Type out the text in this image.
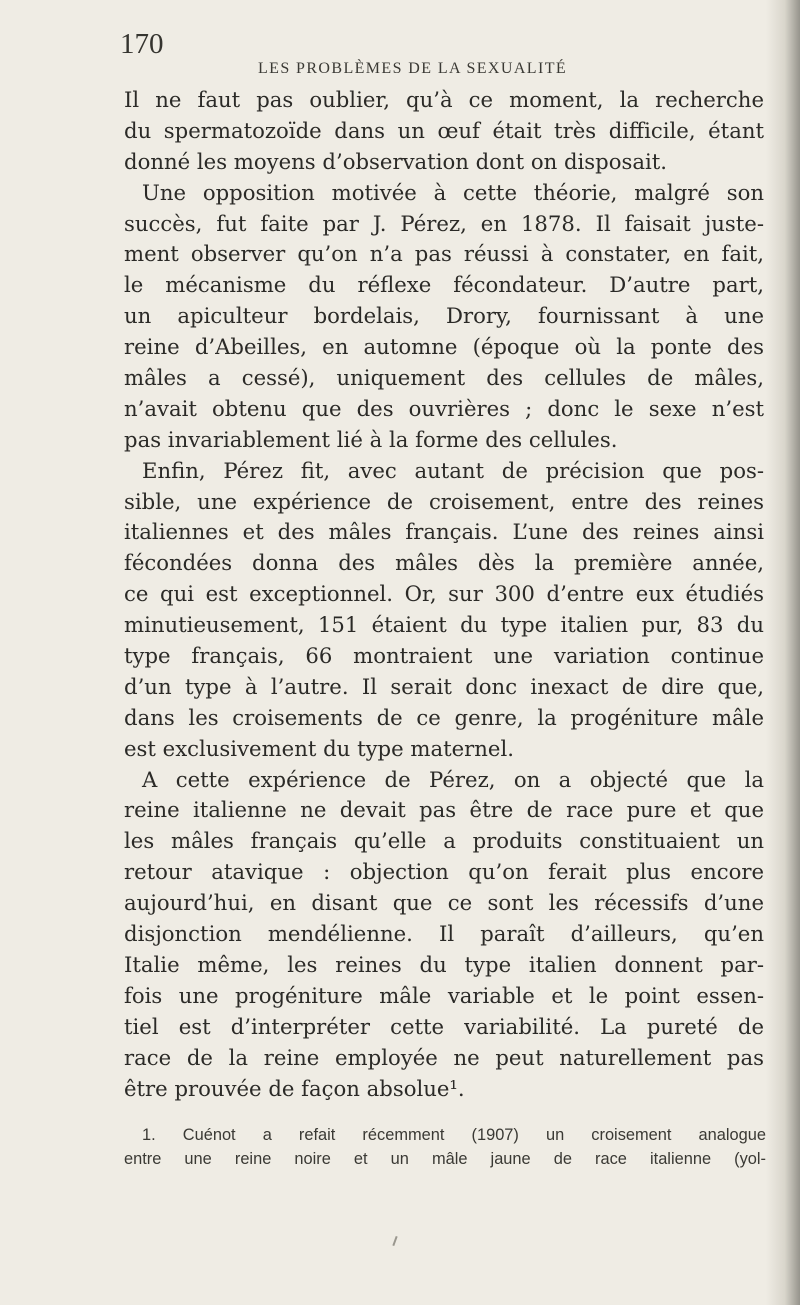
170
LES PROBLÈMES DE LA SEXUALITÉ
Il ne faut pas oublier, qu’à ce moment, la recherche
du spermatozoïde dans un œuf était très difficile, étant
donné les moyens d’observation dont on disposait.
Une opposition motivée à cette théorie, malgré son
succès, fut faite par J. Pérez, en 1878. Il faisait juste-
ment observer qu’on n’a pas réussi à constater, en fait,
le mécanisme du réflexe fécondateur. D’autre part,
un apiculteur bordelais, Drory, fournissant à une
reine d’Abeilles, en automne (époque où la ponte des
mâles a cessé), uniquement des cellules de mâles,
n’avait obtenu que des ouvrières ; donc le sexe n’est
pas invariablement lié à la forme des cellules.
Enfin, Pérez fit, avec autant de précision que pos-
sible, une expérience de croisement, entre des reines
italiennes et des mâles français. L’une des reines ainsi
fécondées donna des mâles dès la première année,
ce qui est exceptionnel. Or, sur 300 d’entre eux étudiés
minutieusement, 151 étaient du type italien pur, 83 du
type français, 66 montraient une variation continue
d’un type à l’autre. Il serait donc inexact de dire que,
dans les croisements de ce genre, la progéniture mâle
est exclusivement du type maternel.
A cette expérience de Pérez, on a objecté que la
reine italienne ne devait pas être de race pure et que
les mâles français qu’elle a produits constituaient un
retour atavique : objection qu’on ferait plus encore
aujourd’hui, en disant que ce sont les récessifs d’une
disjonction mendélienne. Il paraît d’ailleurs, qu’en
Italie même, les reines du type italien donnent par-
fois une progéniture mâle variable et le point essen-
tiel est d’interpréter cette variabilité. La pureté de
race de la reine employée ne peut naturellement pas
être prouvée de façon absolue¹.
1. Cuénot a refait récemment (1907) un croisement analogue
entre une reine noire et un mâle jaune de race italienne (yol-
